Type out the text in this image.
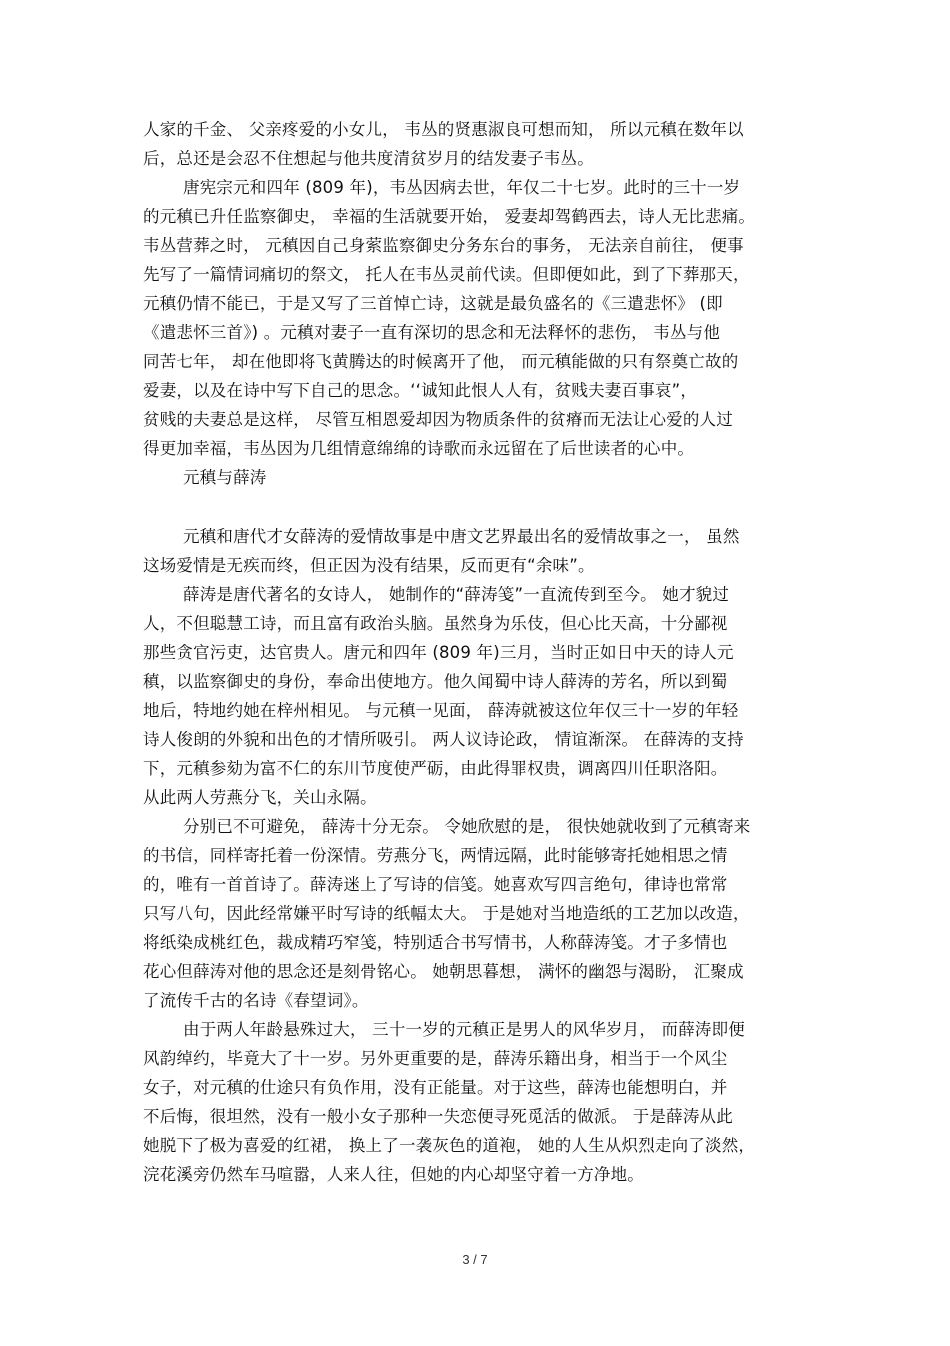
人家的千金、 父亲疼爱的小女儿， 韦丛的贤惠淑良可想而知， 所以元稹在数年以
后，总还是会忍不住想起与他共度清贫岁月的结发妻子韦丛。
唐宪宗元和四年 (809 年)，韦丛因病去世，年仅二十七岁。此时的三十一岁
的元稹已升任监察御史， 幸福的生活就要开始， 爱妻却驾鹤西去，诗人无比悲痛。
韦丛营葬之时， 元稹因自己身萦监察御史分务东台的事务， 无法亲自前往， 便事
先写了一篇情词痛切的祭文， 托人在韦丛灵前代读。但即便如此，到了下葬那天，
元稹仍情不能已，于是又写了三首悼亡诗，这就是最负盛名的《三遣悲怀》 (即
《遣悲怀三首》) 。元稹对妻子一直有深切的思念和无法释怀的悲伤， 韦丛与他
同苦七年， 却在他即将飞黄腾达的时候离开了他， 而元稹能做的只有祭奠亡故的
爱妻，以及在诗中写下自己的思念。‘‘诚知此恨人人有，贫贱夫妻百事哀”，
贫贱的夫妻总是这样， 尽管互相恩爱却因为物质条件的贫瘠而无法让心爱的人过
得更加幸福，韦丛因为几组情意绵绵的诗歌而永远留在了后世读者的心中。
元稹与薛涛
元稹和唐代才女薛涛的爱情故事是中唐文艺界最出名的爱情故事之一， 虽然
这场爱情是无疾而终，但正因为没有结果，反而更有“余味”。
薛涛是唐代著名的女诗人， 她制作的“薛涛笺”一直流传到至今。 她才貌过
人，不但聪慧工诗，而且富有政治头脑。虽然身为乐伎，但心比天高，十分鄙视
那些贪官污吏，达官贵人。唐元和四年 (809 年)三月，当时正如日中天的诗人元
稹，以监察御史的身份，奉命出使地方。他久闻蜀中诗人薛涛的芳名，所以到蜀
地后，特地约她在梓州相见。 与元稹一见面， 薛涛就被这位年仅三十一岁的年轻
诗人俊朗的外貌和出色的才情所吸引。 两人议诗论政， 情谊渐深。 在薛涛的支持
下，元稹参劾为富不仁的东川节度使严砺，由此得罪权贵，调离四川任职洛阳。
从此两人劳燕分飞，关山永隔。
分别已不可避免， 薛涛十分无奈。 令她欣慰的是， 很快她就收到了元稹寄来
的书信，同样寄托着一份深情。劳燕分飞，两情远隔，此时能够寄托她相思之情
的，唯有一首首诗了。薛涛迷上了写诗的信笺。她喜欢写四言绝句，律诗也常常
只写八句，因此经常嫌平时写诗的纸幅太大。 于是她对当地造纸的工艺加以改造，
将纸染成桃红色，裁成精巧窄笺，特别适合书写情书，人称薛涛笺。才子多情也
花心但薛涛对他的思念还是刻骨铭心。 她朝思暮想， 满怀的幽怨与渴盼， 汇聚成
了流传千古的名诗《春望词》。
由于两人年龄悬殊过大， 三十一岁的元稹正是男人的风华岁月， 而薛涛即便
风韵绰约，毕竟大了十一岁。另外更重要的是，薛涛乐籍出身，相当于一个风尘
女子，对元稹的仕途只有负作用，没有正能量。对于这些，薛涛也能想明白，并
不后悔，很坦然，没有一般小女子那种一失恋便寻死觅活的做派。 于是薛涛从此
她脱下了极为喜爱的红裙， 换上了一袭灰色的道袍， 她的人生从炽烈走向了淡然，
浣花溪旁仍然车马喧嚣，人来人往，但她的内心却坚守着一方净地。
3 / 7
